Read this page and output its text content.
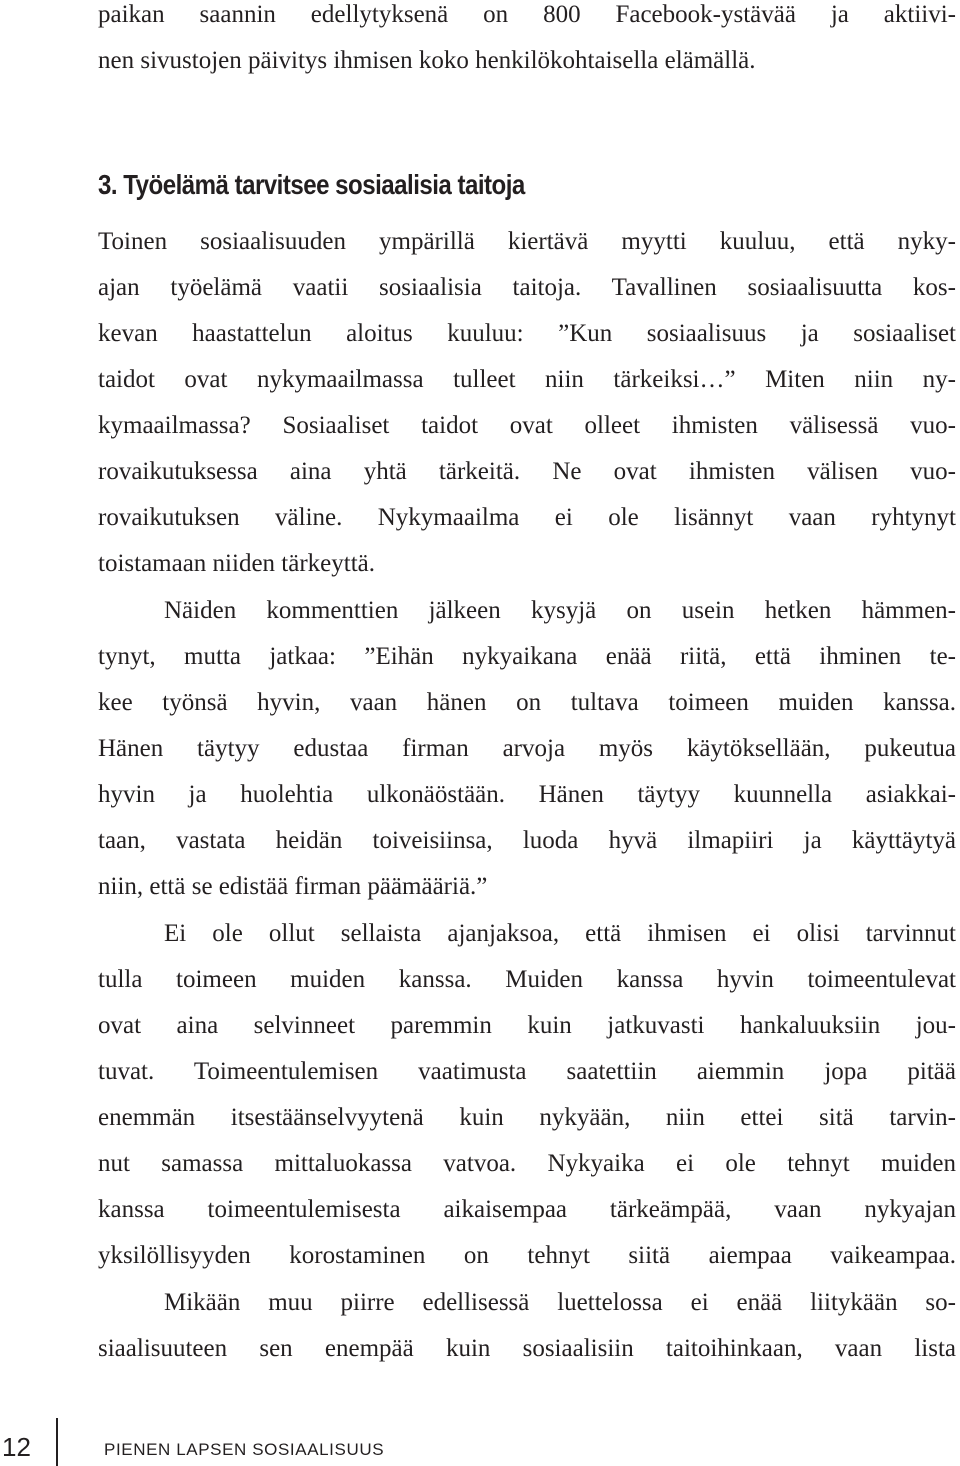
paikan saannin edellytyksenä on 800 Facebook-ystävää ja aktiivi-
nen sivustojen päivitys ihmisen koko henkilökohtaisella elämällä.
3. Työelämä tarvitsee sosiaalisia taitoja
Toinen sosiaalisuuden ympärillä kiertävä myytti kuuluu, että nyky-
ajan työelämä vaatii sosiaalisia taitoja. Tavallinen sosiaalisuutta kos-
kevan haastattelun aloitus kuuluu: ”Kun sosiaalisuus ja sosiaaliset
taidot ovat nykymaailmassa tulleet niin tärkeiksi…” Miten niin ny-
kymaailmassa? Sosiaaliset taidot ovat olleet ihmisten välisessä vuo-
rovaikutuksessa aina yhtä tärkeitä. Ne ovat ihmisten välisen vuo-
rovaikutuksen väline. Nykymaailma ei ole lisännyt vaan ryhtynyt
toistamaan niiden tärkeyttä.
Näiden kommenttien jälkeen kysyjä on usein hetken hämmen-
tynyt, mutta jatkaa: ”Eihän nykyaikana enää riitä, että ihminen te-
kee työnsä hyvin, vaan hänen on tultava toimeen muiden kanssa.
Hänen täytyy edustaa firman arvoja myös käytöksellään, pukeutua
hyvin ja huolehtia ulkonäöstään. Hänen täytyy kuunnella asiakkai-
taan, vastata heidän toiveisiinsa, luoda hyvä ilmapiiri ja käyttäytyä
niin, että se edistää firman päämääriä.”
Ei ole ollut sellaista ajanjaksoa, että ihmisen ei olisi tarvinnut
tulla toimeen muiden kanssa. Muiden kanssa hyvin toimeentulevat
ovat aina selvinneet paremmin kuin jatkuvasti hankaluuksiin jou-
tuvat. Toimeentulemisen vaatimusta saatettiin aiemmin jopa pitää
enemmän itsestäänselvyytenä kuin nykyään, niin ettei sitä tarvin-
nut samassa mittaluokassa vatvoa. Nykyaika ei ole tehnyt muiden
kanssa toimeentulemisesta aikaisempaa tärkeämpää, vaan nykyajan
yksilöllisyyden korostaminen on tehnyt siitä aiempaa vaikeampaa.
Mikään muu piirre edellisessä luettelossa ei enää liitykään so-
siaalisuuteen sen enempää kuin sosiaalisiin taitoihinkaan, vaan lista
12	PIENEN LAPSEN SOSIAALISUUS
